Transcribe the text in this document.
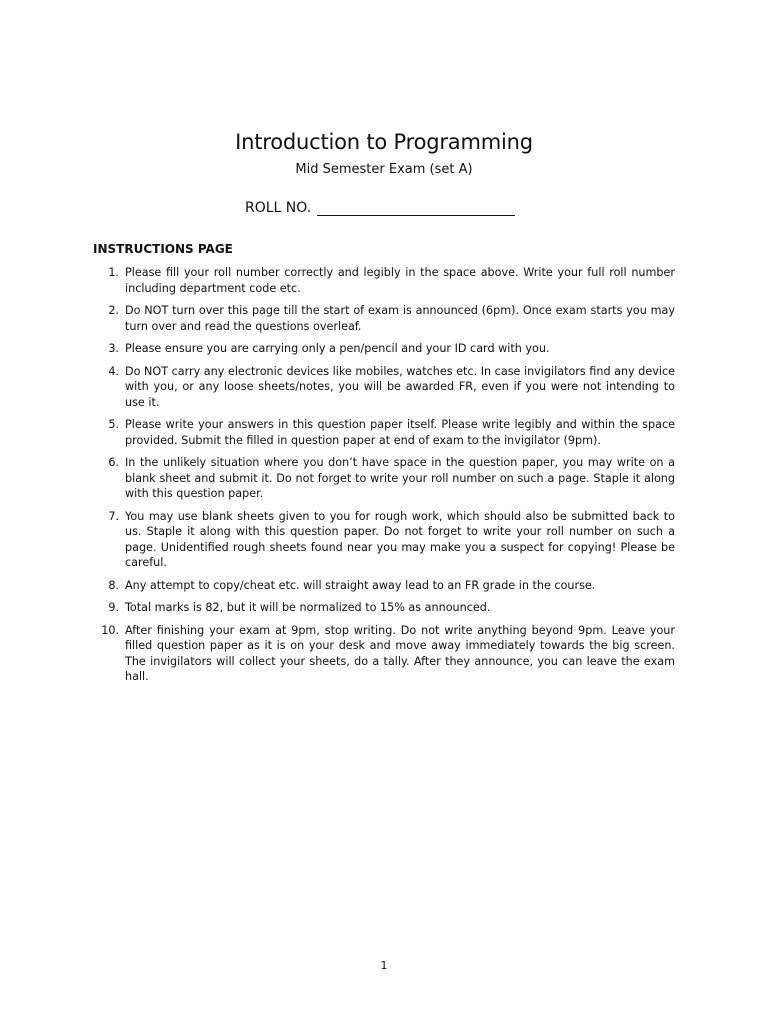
Introduction to Programming

Mid Semester Exam (set A)

ROLL NO.
INSTRUCTIONS PAGE
1. Please fill your roll number correctly and legibly in the space above. Write your full roll number including department code etc.
2. Do NOT turn over this page till the start of exam is announced (6pm). Once exam starts you may turn over and read the questions overleaf.
3. Please ensure you are carrying only a pen/pencil and your ID card with you.
4. Do NOT carry any electronic devices like mobiles, watches etc. In case invigilators find any device with you, or any loose sheets/notes, you will be awarded FR, even if you were not intending to use it.
5. Please write your answers in this question paper itself. Please write legibly and within the space provided. Submit the filled in question paper at end of exam to the invigilator (9pm).
6. In the unlikely situation where you don’t have space in the question paper, you may write on a blank sheet and submit it. Do not forget to write your roll number on such a page. Staple it along with this question paper.
7. You may use blank sheets given to you for rough work, which should also be submitted back to us. Staple it along with this question paper. Do not forget to write your roll number on such a page. Unidentified rough sheets found near you may make you a suspect for copying! Please be careful.
8. Any attempt to copy/cheat etc. will straight away lead to an FR grade in the course.
9. Total marks is 82, but it will be normalized to 15% as announced.
10. After finishing your exam at 9pm, stop writing. Do not write anything beyond 9pm. Leave your filled question paper as it is on your desk and move away immediately towards the big screen. The invigilators will collect your sheets, do a tally. After they announce, you can leave the exam hall.
1
